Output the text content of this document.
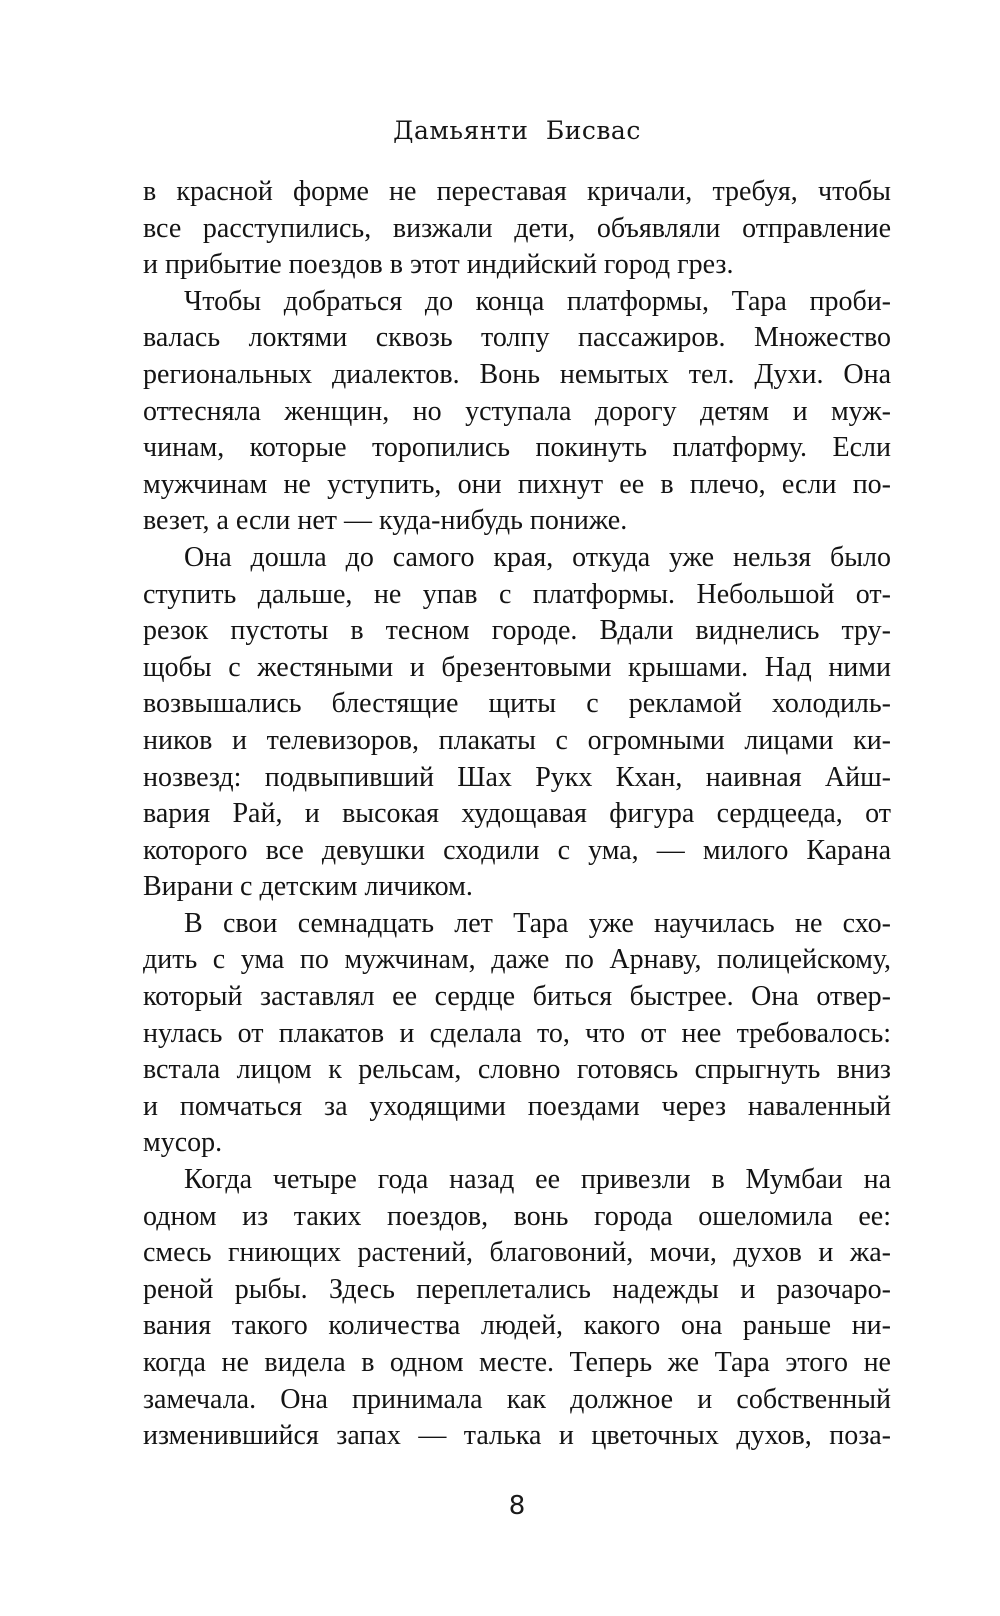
Дамьянти Бисвас
в красной форме не переставая кричали, требуя, чтобы
все расступились, визжали дети, объявляли отправление
и прибытие поездов в этот индийский город грез.
Чтобы добраться до конца платформы, Тара проби-
валась локтями сквозь толпу пассажиров. Множество
региональных диалектов. Вонь немытых тел. Духи. Она
оттесняла женщин, но уступала дорогу детям и муж-
чинам, которые торопились покинуть платформу. Если
мужчинам не уступить, они пихнут ее в плечо, если по-
везет, а если нет — куда-нибудь пониже.
Она дошла до самого края, откуда уже нельзя было
ступить дальше, не упав с платформы. Небольшой от-
резок пустоты в тесном городе. Вдали виднелись тру-
щобы с жестяными и брезентовыми крышами. Над ними
возвышались блестящие щиты с рекламой холодиль-
ников и телевизоров, плакаты с огромными лицами ки-
нозвезд: подвыпивший Шах Рукх Кхан, наивная Айш-
вария Рай, и высокая худощавая фигура сердцееда, от
которого все девушки сходили с ума, — милого Карана
Вирани с детским личиком.
В свои семнадцать лет Тара уже научилась не схо-
дить с ума по мужчинам, даже по Арнаву, полицейскому,
который заставлял ее сердце биться быстрее. Она отвер-
нулась от плакатов и сделала то, что от нее требовалось:
встала лицом к рельсам, словно готовясь спрыгнуть вниз
и помчаться за уходящими поездами через наваленный
мусор.
Когда четыре года назад ее привезли в Мумбаи на
одном из таких поездов, вонь города ошеломила ее:
смесь гниющих растений, благовоний, мочи, духов и жа-
реной рыбы. Здесь переплетались надежды и разочаро-
вания такого количества людей, какого она раньше ни-
когда не видела в одном месте. Теперь же Тара этого не
замечала. Она принимала как должное и собственный
изменившийся запах — талька и цветочных духов, поза-
8
